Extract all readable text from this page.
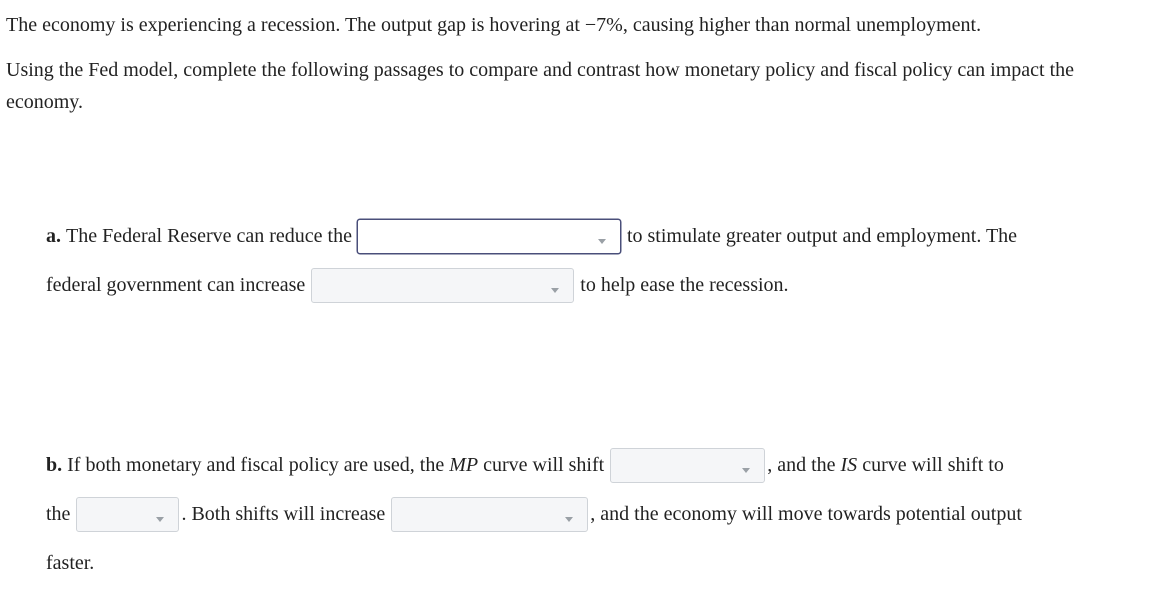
The economy is experiencing a recession. The output gap is hovering at −7%, causing higher than normal unemployment.

Using the Fed model, complete the following passages to compare and contrast how monetary policy and fiscal policy can impact the economy.

a.
The Federal Reserve can reduce the	to stimulate greater output and employment. The
federal government can increase	to help ease the recession.
b.
If both monetary and fiscal policy are used, the
MP
curve will shift	, and the
IS
curve will shift to
the	. Both shifts will increase	, and the economy will move towards potential output
faster.
